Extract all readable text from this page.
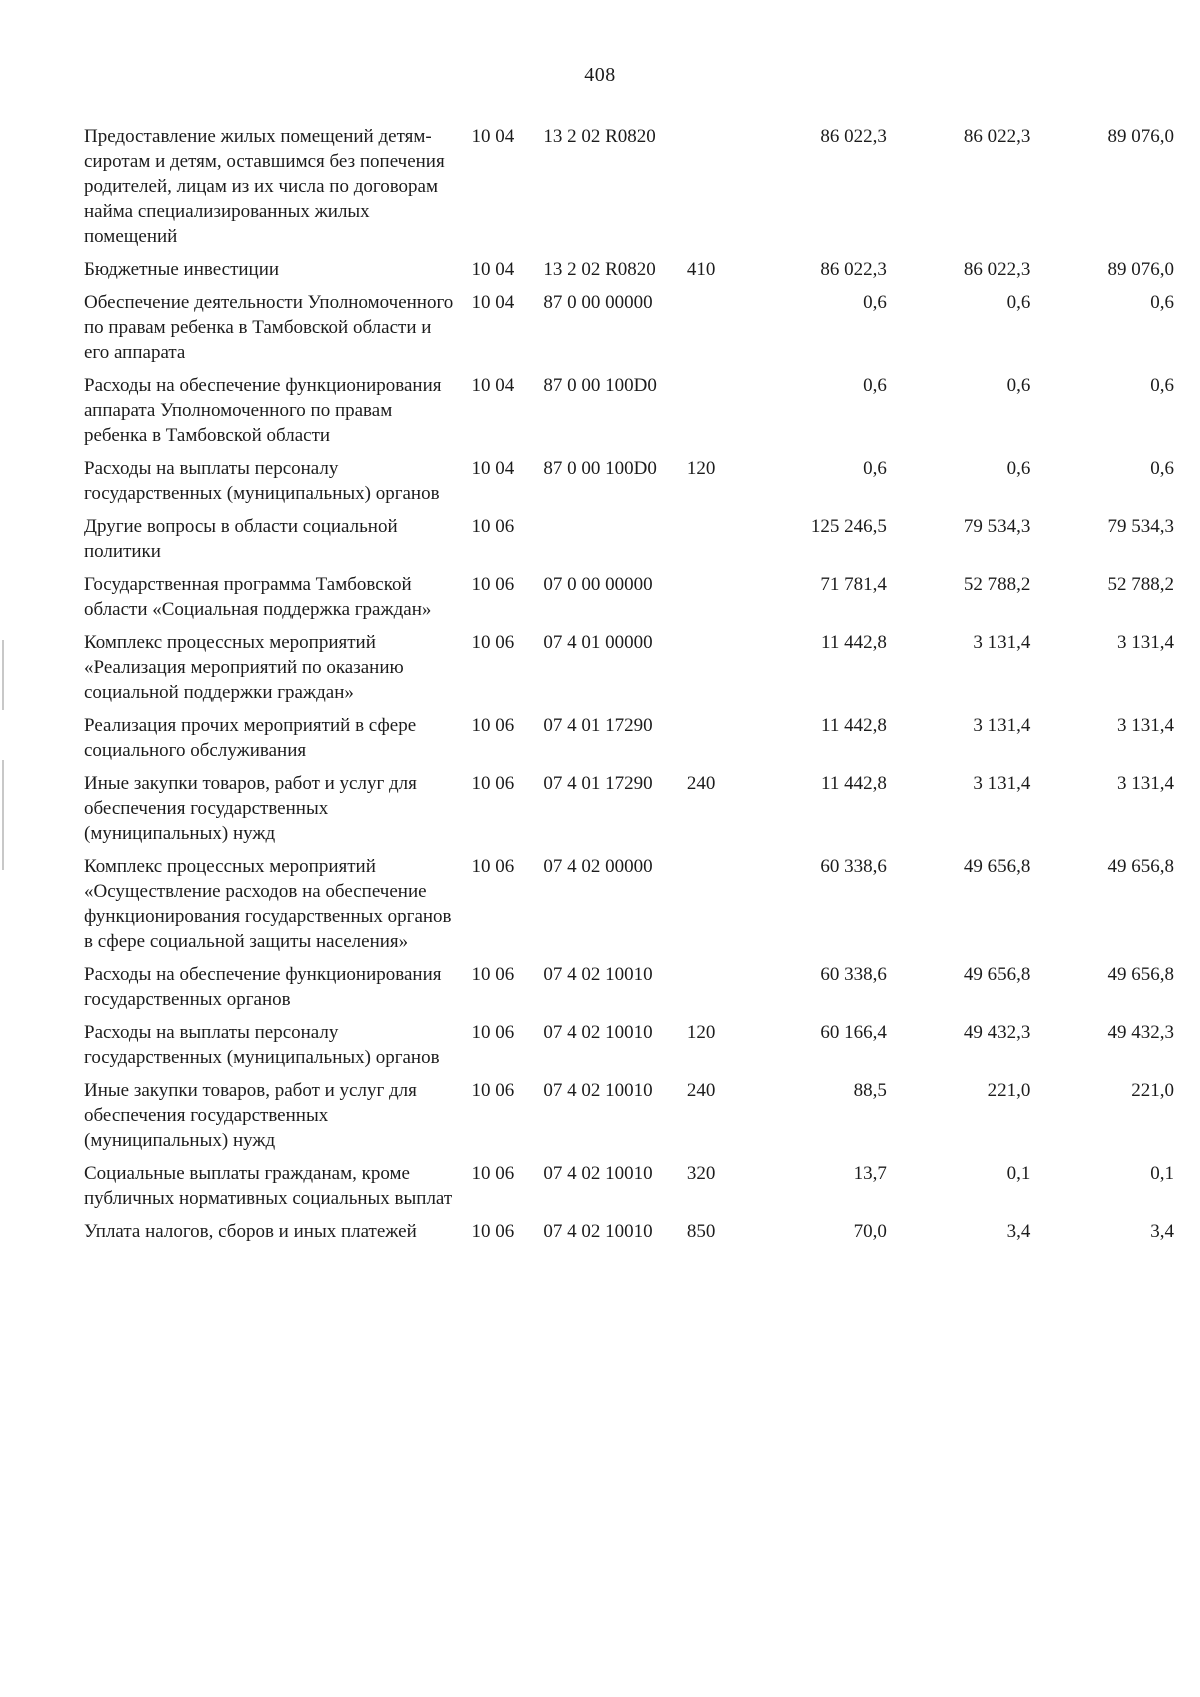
408
Предоставление жилых помещений детям-сиротам и детям, оставшимся без попечения родителей, лицам из их числа по договорам найма специализированных жилых помещений	10 04	13 2 02 R0820		86 022,3	86 022,3	89 076,0
Бюджетные инвестиции	10 04	13 2 02 R0820	410	86 022,3	86 022,3	89 076,0
Обеспечение деятельности Уполномоченного по правам ребенка в Тамбовской области и его аппарата	10 04	87 0 00 00000		0,6	0,6	0,6
Расходы на обеспечение функционирования аппарата Уполномоченного по правам ребенка в Тамбовской области	10 04	87 0 00 100D0		0,6	0,6	0,6
Расходы на выплаты персоналу государственных (муниципальных) органов	10 04	87 0 00 100D0	120	0,6	0,6	0,6
Другие вопросы в области социальной политики	10 06			125 246,5	79 534,3	79 534,3
Государственная программа Тамбовской области «Социальная поддержка граждан»	10 06	07 0 00 00000		71 781,4	52 788,2	52 788,2
Комплекс процессных мероприятий «Реализация мероприятий по оказанию социальной поддержки граждан»	10 06	07 4 01 00000		11 442,8	3 131,4	3 131,4
Реализация прочих мероприятий в сфере социального обслуживания	10 06	07 4 01 17290		11 442,8	3 131,4	3 131,4
Иные закупки товаров, работ и услуг для обеспечения государственных (муниципальных) нужд	10 06	07 4 01 17290	240	11 442,8	3 131,4	3 131,4
Комплекс процессных мероприятий «Осуществление расходов на обеспечение функционирования государственных органов в сфере социальной защиты населения»	10 06	07 4 02 00000		60 338,6	49 656,8	49 656,8
Расходы на обеспечение функционирования государственных органов	10 06	07 4 02 10010		60 338,6	49 656,8	49 656,8
Расходы на выплаты персоналу государственных (муниципальных) органов	10 06	07 4 02 10010	120	60 166,4	49 432,3	49 432,3
Иные закупки товаров, работ и услуг для обеспечения государственных (муниципальных) нужд	10 06	07 4 02 10010	240	88,5	221,0	221,0
Социальные выплаты гражданам, кроме публичных нормативных социальных выплат	10 06	07 4 02 10010	320	13,7	0,1	0,1
Уплата налогов, сборов и иных платежей	10 06	07 4 02 10010	850	70,0	3,4	3,4
